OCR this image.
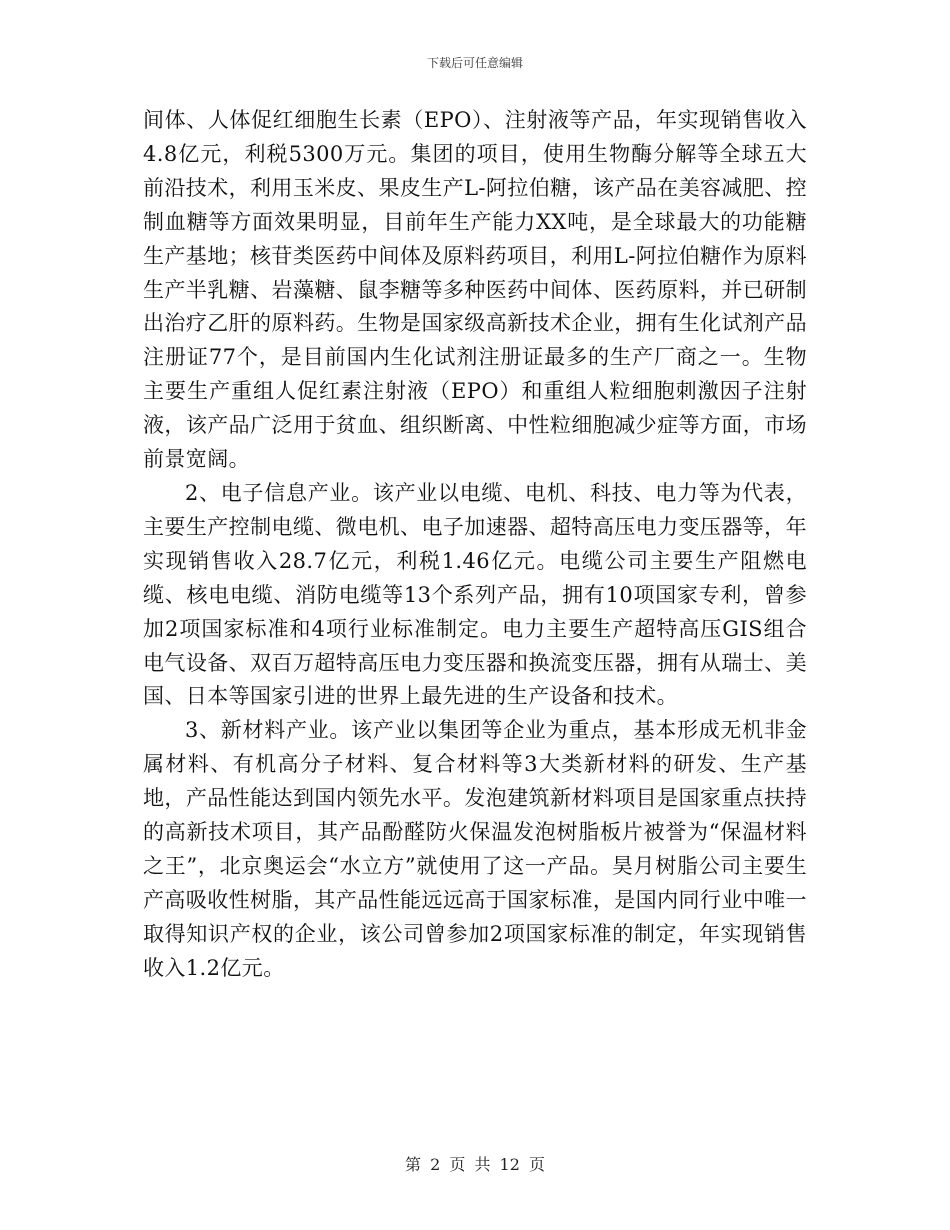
下载后可任意编辑

间体、人体促红细胞生长素（EPO）、注射液等产品，年实现销售收入4.8亿元，利税5300万元。集团的项目，使用生物酶分解等全球五大前沿技术，利用玉米皮、果皮生产L-阿拉伯糖，该产品在美容减肥、控制血糖等方面效果明显，目前年生产能力XX吨，是全球最大的功能糖生产基地；核苷类医药中间体及原料药项目，利用L-阿拉伯糖作为原料生产半乳糖、岩藻糖、鼠李糖等多种医药中间体、医药原料，并已研制出治疗乙肝的原料药。生物是国家级高新技术企业，拥有生化试剂产品注册证77个，是目前国内生化试剂注册证最多的生产厂商之一。生物主要生产重组人促红素注射液（EPO）和重组人粒细胞刺激因子注射液，该产品广泛用于贫血、组织断离、中性粒细胞减少症等方面，市场前景宽阔。

2、电子信息产业。该产业以电缆、电机、科技、电力等为代表，主要生产控制电缆、微电机、电子加速器、超特高压电力变压器等，年实现销售收入28.7亿元，利税1.46亿元。电缆公司主要生产阻燃电缆、核电电缆、消防电缆等13个系列产品，拥有10项国家专利，曾参加2项国家标准和4项行业标准制定。电力主要生产超特高压GIS组合电气设备、双百万超特高压电力变压器和换流变压器，拥有从瑞士、美国、日本等国家引进的世界上最先进的生产设备和技术。

3、新材料产业。该产业以集团等企业为重点，基本形成无机非金属材料、有机高分子材料、复合材料等3大类新材料的研发、生产基地，产品性能达到国内领先水平。发泡建筑新材料项目是国家重点扶持的高新技术项目，其产品酚醛防火保温发泡树脂板片被誉为“保温材料之王”，北京奥运会“水立方”就使用了这一产品。昊月树脂公司主要生产高吸收性树脂，其产品性能远远高于国家标准，是国内同行业中唯一取得知识产权的企业，该公司曾参加2项国家标准的制定，年实现销售收入1.2亿元。

第 2 页 共 12 页
